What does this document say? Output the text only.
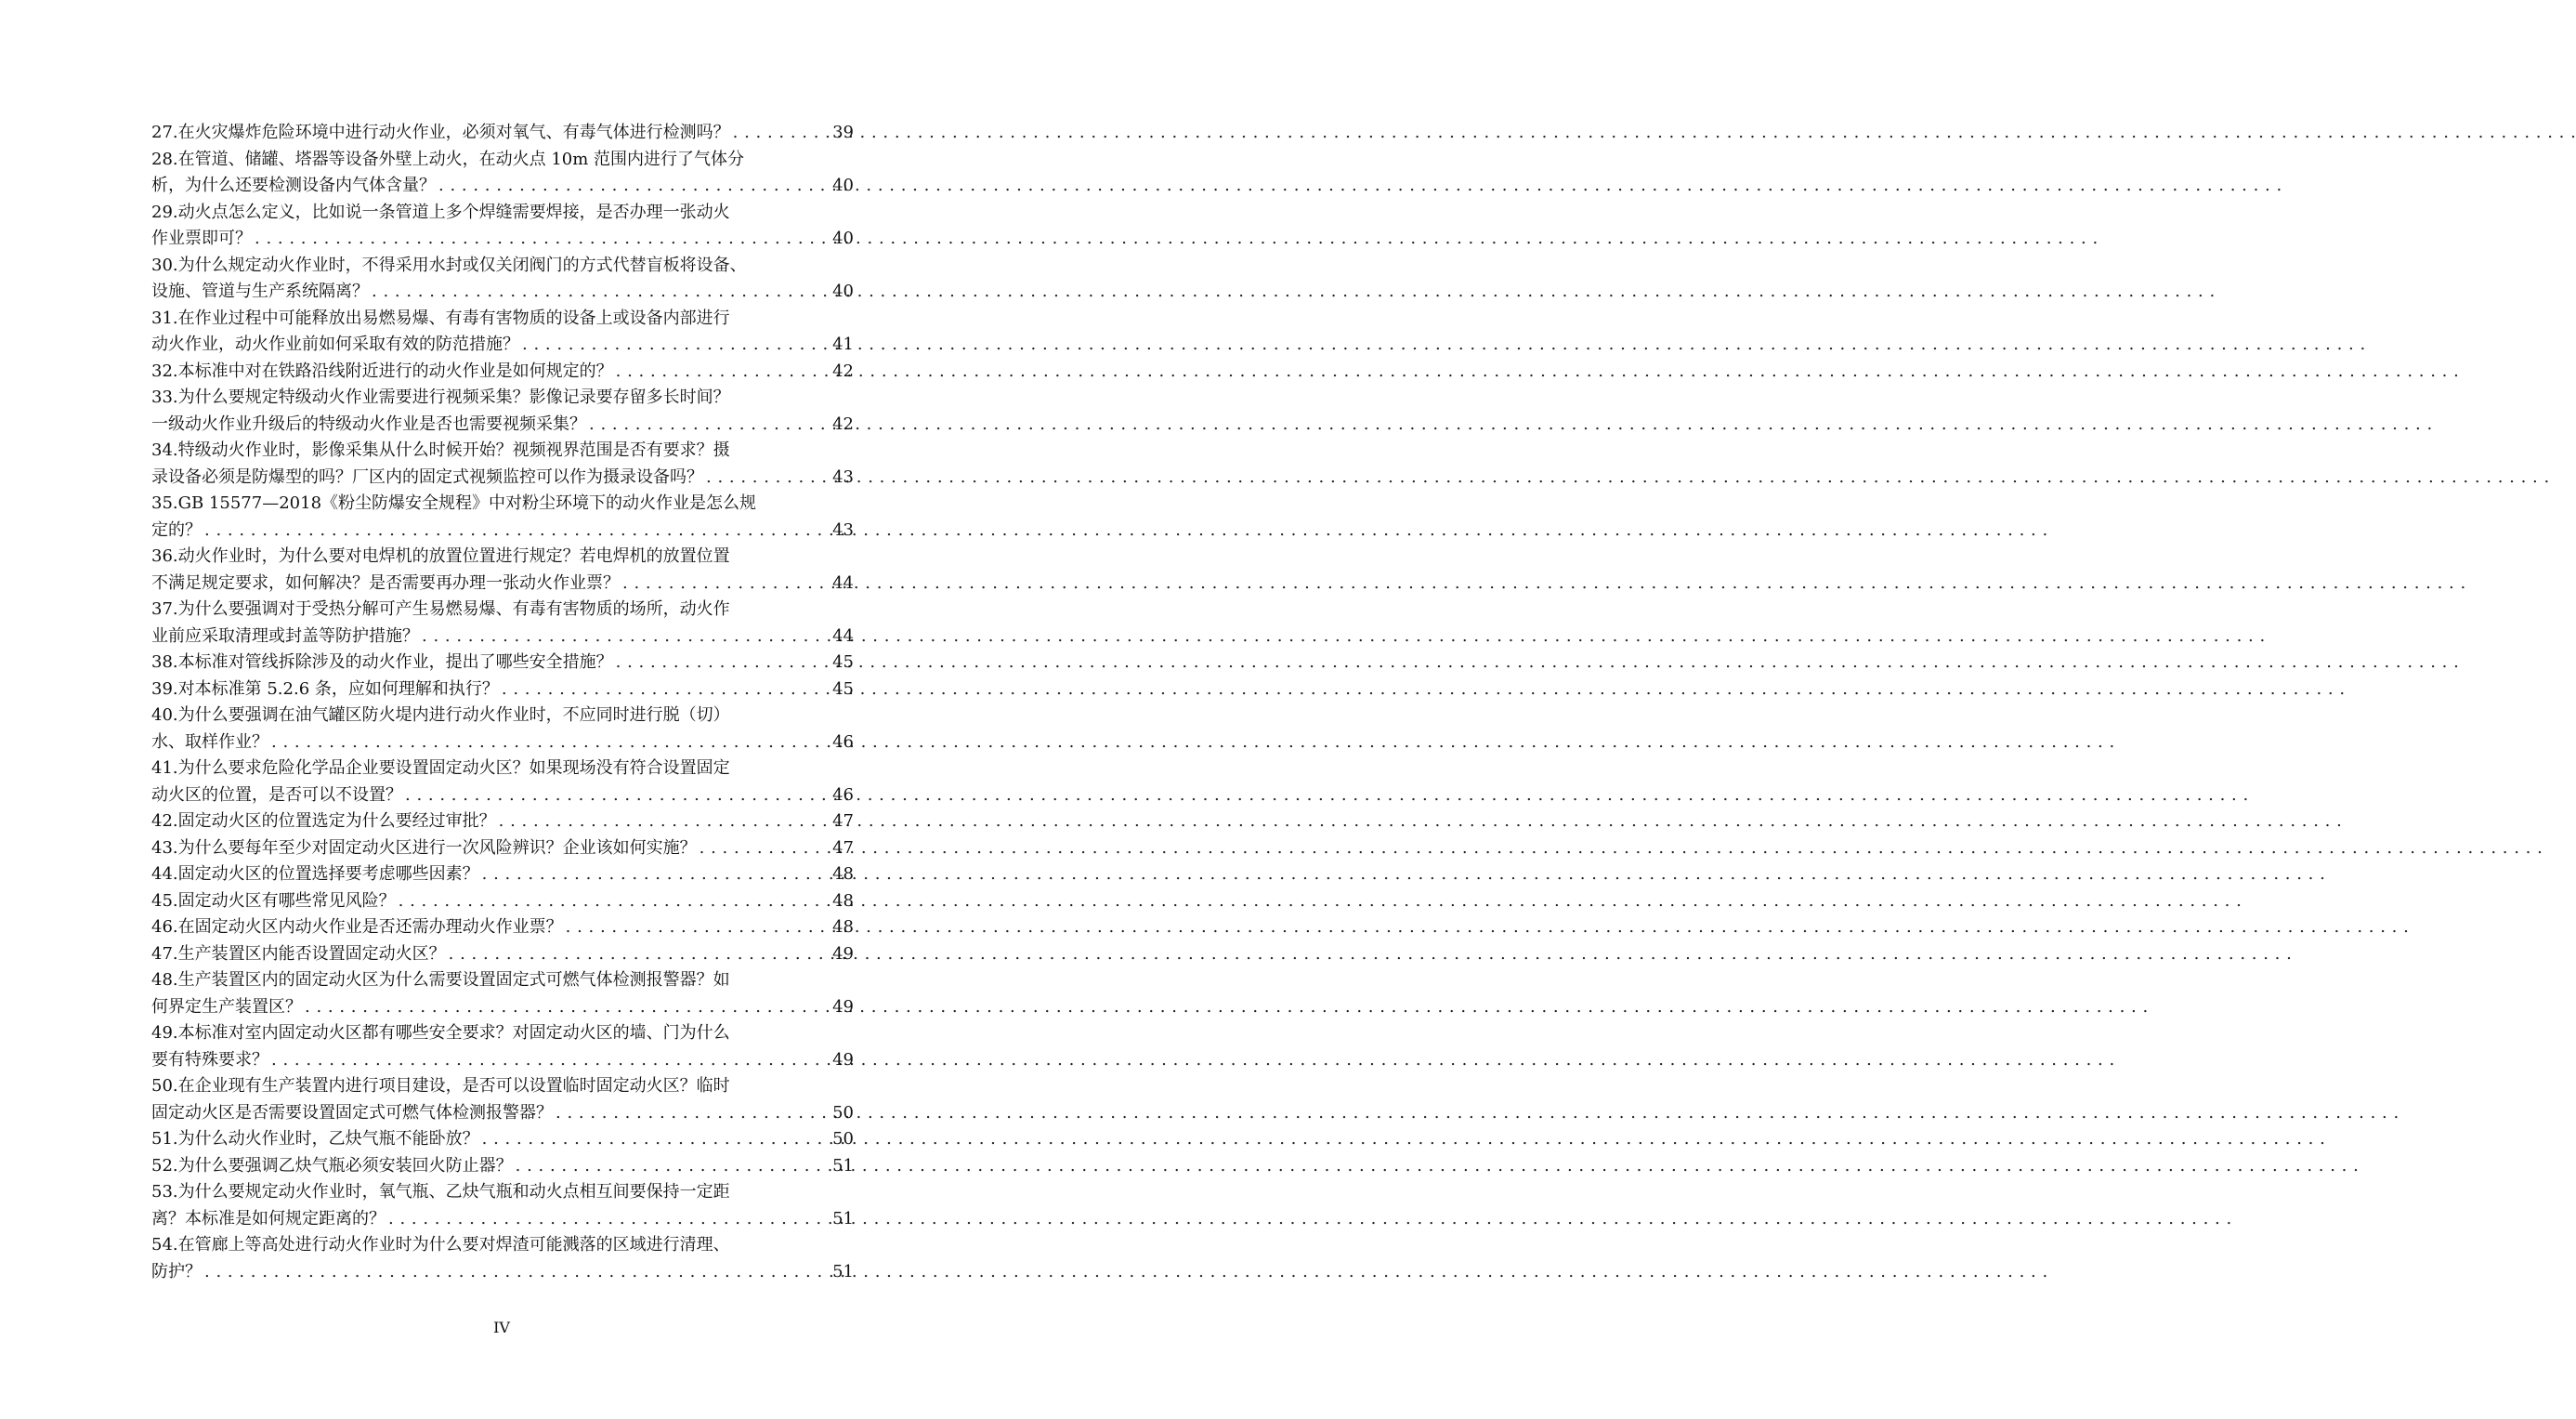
27.在火灾爆炸危险环境中进行动火作业，必须对氧气、有毒气体进行检测吗？ . . .	39
28.在管道、储罐、塔器等设备外壁上动火，在动火点 10m 范围内进行了气体分
析，为什么还要检测设备内气体含量？ . . .	40
29.动火点怎么定义，比如说一条管道上多个焊缝需要焊接，是否办理一张动火
作业票即可？ . . .	40
30.为什么规定动火作业时，不得采用水封或仅关闭阀门的方式代替盲板将设备、
设施、管道与生产系统隔离？ . . .	40
31.在作业过程中可能释放出易燃易爆、有毒有害物质的设备上或设备内部进行
动火作业，动火作业前如何采取有效的防范措施？ . . .	41
32.本标准中对在铁路沿线附近进行的动火作业是如何规定的？ . . .	42
33.为什么要规定特级动火作业需要进行视频采集？影像记录要存留多长时间？
一级动火作业升级后的特级动火作业是否也需要视频采集？ . . .	42
34.特级动火作业时，影像采集从什么时候开始？视频视界范围是否有要求？摄
录设备必须是防爆型的吗？厂区内的固定式视频监控可以作为摄录设备吗？ . . .	43
35.GB 15577—2018《粉尘防爆安全规程》中对粉尘环境下的动火作业是怎么规
定的？ . . .	43
36.动火作业时，为什么要对电焊机的放置位置进行规定？若电焊机的放置位置
不满足规定要求，如何解决？是否需要再办理一张动火作业票？ . . .	44
37.为什么要强调对于受热分解可产生易燃易爆、有毒有害物质的场所，动火作
业前应采取清理或封盖等防护措施？ . . .	44
38.本标准对管线拆除涉及的动火作业，提出了哪些安全措施？ . . .	45
39.对本标准第 5.2.6 条，应如何理解和执行？ . . .	45
40.为什么要强调在油气罐区防火堤内进行动火作业时，不应同时进行脱（切）
水、取样作业？ . . .	46
41.为什么要求危险化学品企业要设置固定动火区？如果现场没有符合设置固定
动火区的位置，是否可以不设置？ . . .	46
42.固定动火区的位置选定为什么要经过审批？ . . .	47
43.为什么要每年至少对固定动火区进行一次风险辨识？企业该如何实施？ . . .	47
44.固定动火区的位置选择要考虑哪些因素？ . . .	48
45.固定动火区有哪些常见风险？ . . .	48
46.在固定动火区内动火作业是否还需办理动火作业票？ . . .	48
47.生产装置区内能否设置固定动火区？ . . .	49
48.生产装置区内的固定动火区为什么需要设置固定式可燃气体检测报警器？如
何界定生产装置区？ . . .	49
49.本标准对室内固定动火区都有哪些安全要求？对固定动火区的墙、门为什么
要有特殊要求？ . . .	49
50.在企业现有生产装置内进行项目建设，是否可以设置临时固定动火区？临时
固定动火区是否需要设置固定式可燃气体检测报警器？ . . .	50
51.为什么动火作业时，乙炔气瓶不能卧放？ . . .	50
52.为什么要强调乙炔气瓶必须安装回火防止器？ . . .	51
53.为什么要规定动火作业时，氧气瓶、乙炔气瓶和动火点相互间要保持一定距
离？本标准是如何规定距离的？ . . .	51
54.在管廊上等高处进行动火作业时为什么要对焊渣可能溅落的区域进行清理、
防护？ . . .	51
IV
